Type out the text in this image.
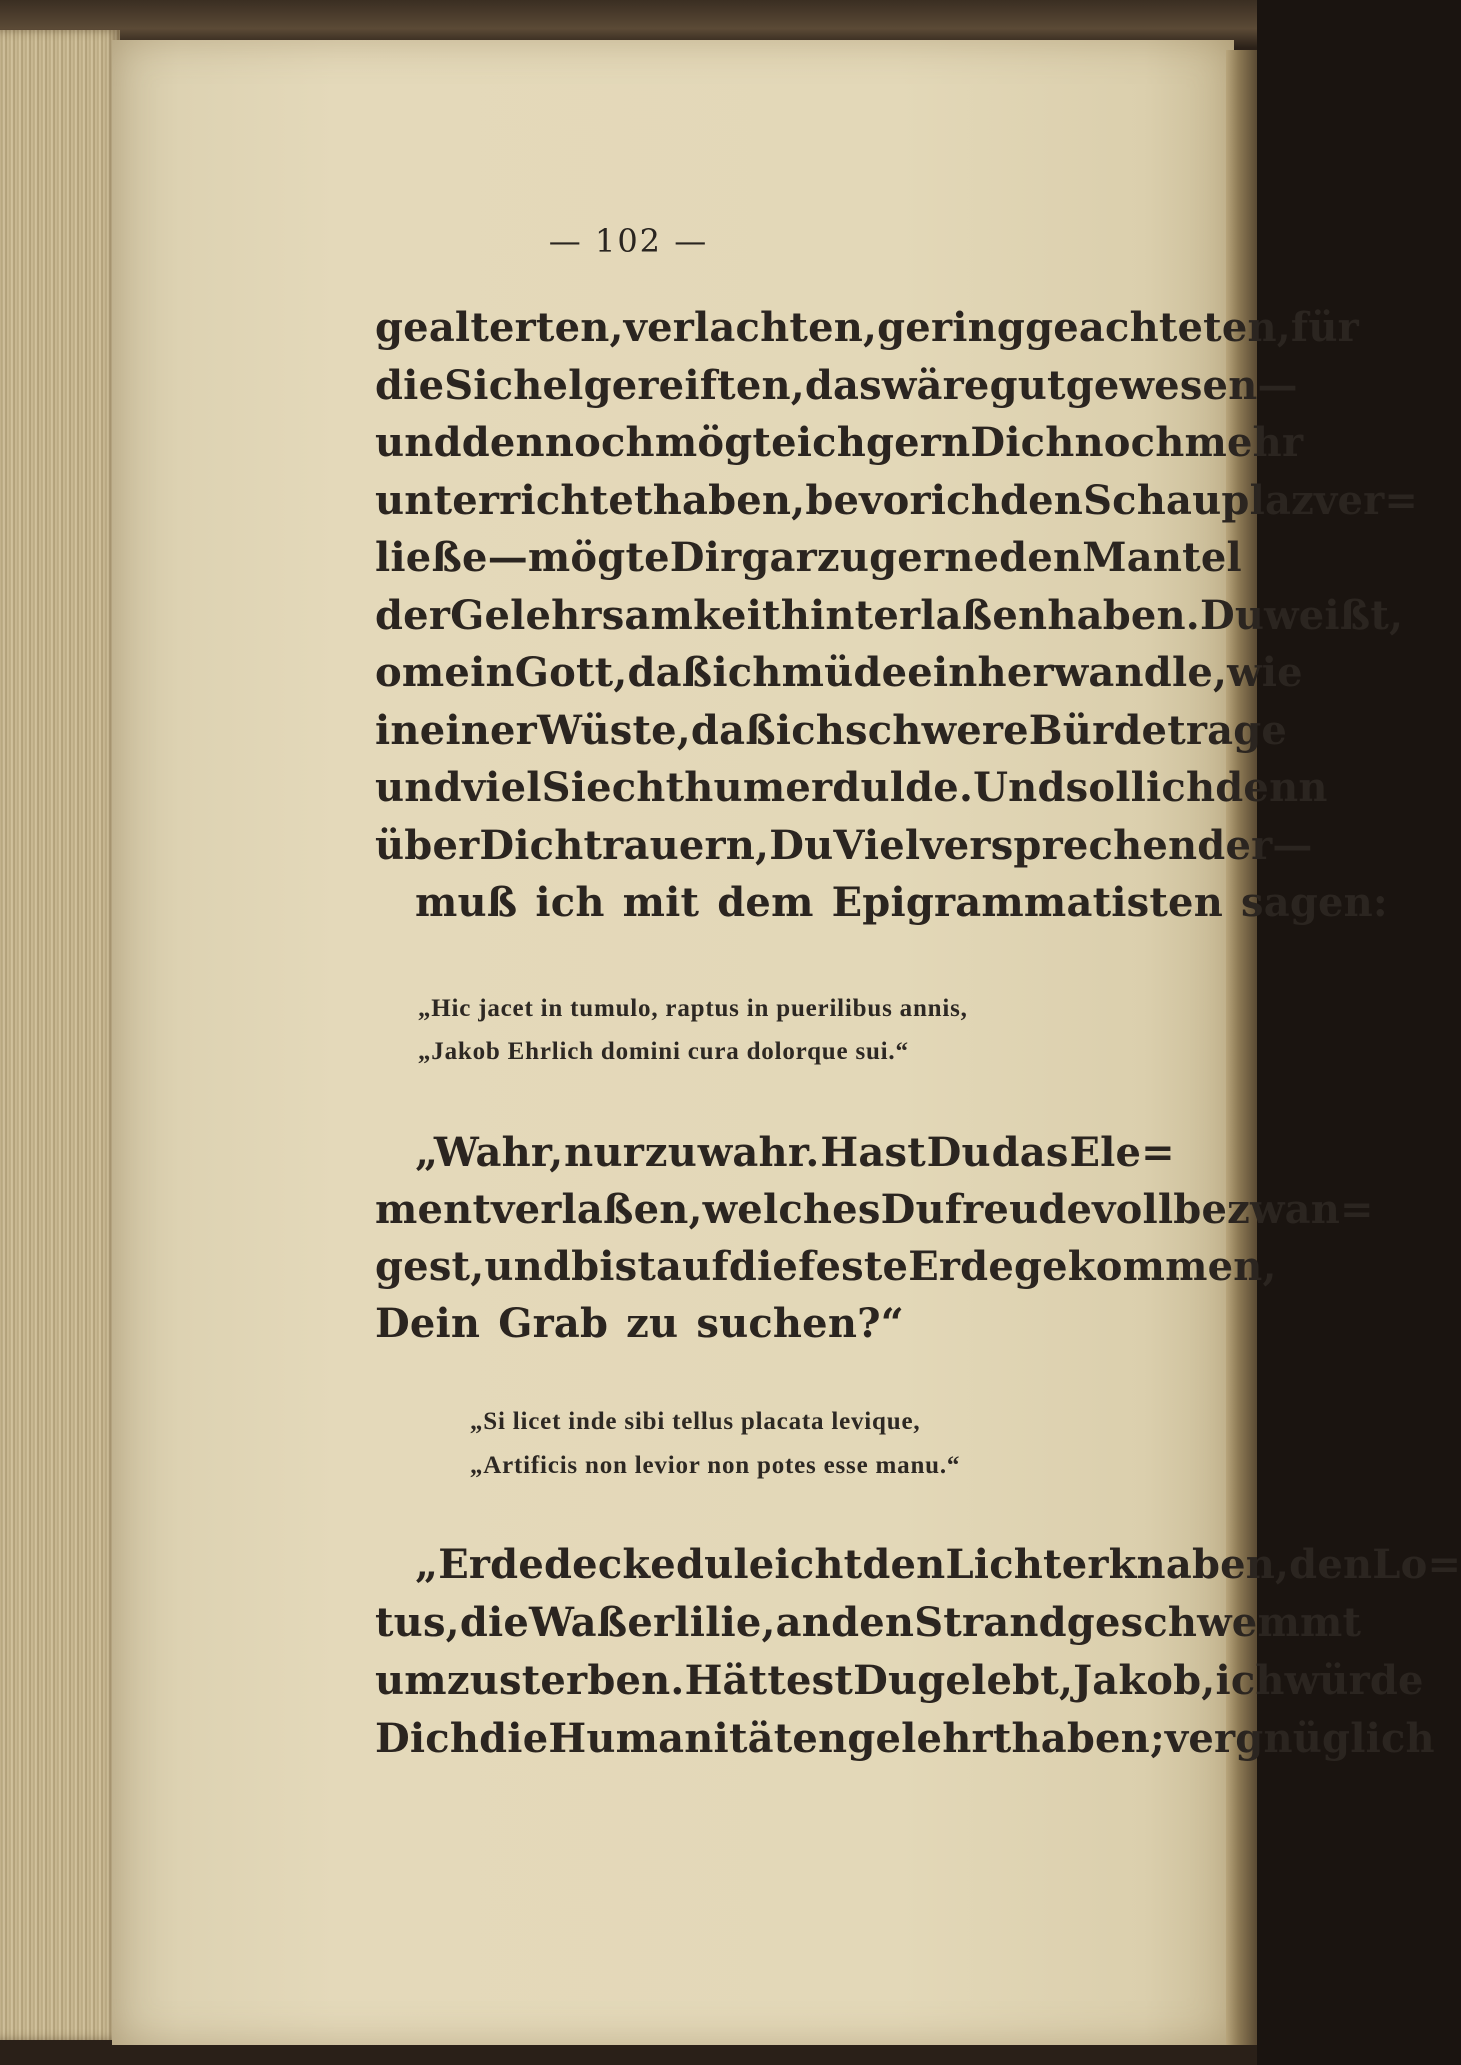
— 102 —
gealterten, verlachten, gering geachteten, für
die Sichel gereiften, das wäre gut gewesen —
und dennoch mögte ich gern Dich noch mehr
unterrichtet haben, bevor ich den Schauplaz ver=
ließe — mögte Dir gar zu gerne den Mantel
der Gelehrsamkeit hinterlaßen haben. Du weißt,
o mein Gott, daß ich müde einherwandle, wie
in einer Wüste, daß ich schwere Bürde trage
und viel Siechthum erdulde. Und soll ich denn
über Dich trauern, Du Vielversprechender —
muß ich mit dem Epigrammatisten sagen:
„Hic jacet in tumulo, raptus in puerilibus annis,
„Jakob Ehrlich domini cura dolorque sui.“
„Wahr, nur zu wahr. Hast Du das Ele=
ment verlaßen, welches Du freudevoll bezwan=
gest, und bist auf die feste Erde gekommen,
Dein Grab zu suchen?“
„Si licet inde sibi tellus placata levique,
„Artificis non levior non potes esse manu.“
„Erde decke du leicht den Lichterknaben, den Lo=
tus, die Waßerlilie, an den Strand geschwemmt
um zu sterben. Hättest Du gelebt, Jakob, ich würde
Dich die Humanitäten gelehrt haben; vergnüglich
